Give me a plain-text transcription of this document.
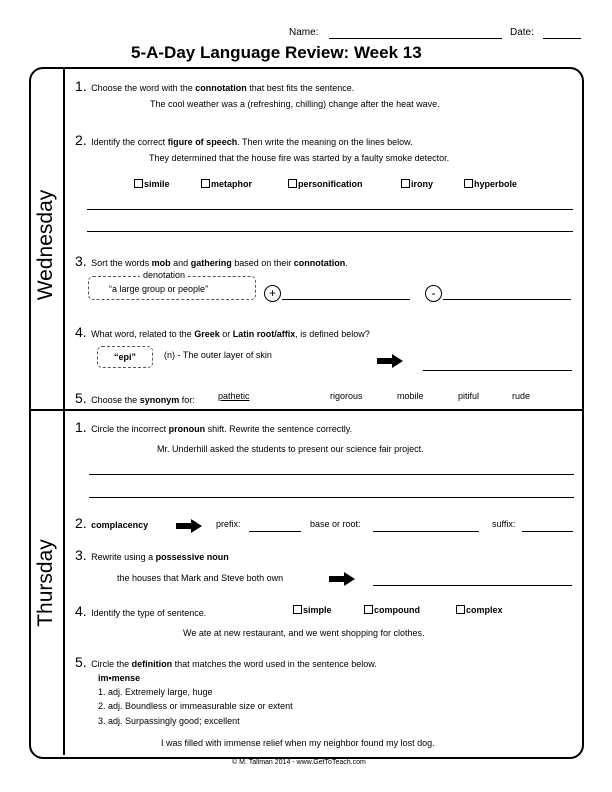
Name:	Date:
5-A-Day Language Review: Week 13
Wednesday
Thursday
1. Choose the word with the connotation that best fits the sentence.
The cool weather was a (refreshing, chilling) change after the heat wave.
2. Identify the correct figure of speech. Then write the meaning on the lines below.
They determined that the house fire was started by a faulty smoke detector.
simile	metaphor	personification	irony	hyperbole
3. Sort the words mob and gathering based on their connotation.
denotation
“a large group or people”	+	-
4. What word, related to the Greek or Latin root/affix, is defined below?
“epi”	(n) - The outer layer of skin
5. Choose the synonym for:	pathetic	rigorous	mobile	pitiful	rude
1. Circle the incorrect pronoun shift. Rewrite the sentence correctly.
Mr. Underhill asked the students to present our science fair project.
2. complacency	prefix:	base or root:	suffix:
3. Rewrite using a possessive noun
the houses that Mark and Steve both own
4. Identify the type of sentence.	simple	compound	complex
We ate at new restaurant, and we went shopping for clothes.
5. Circle the definition that matches the word used in the sentence below.
im•mense
1. adj. Extremely large, huge
2. adj. Boundless or immeasurable size or extent
3. adj. Surpassingly good; excellent
I was filled with immense relief when my neighbor found my lost dog.
© M. Tallman 2014 - www.GetToTeach.com
